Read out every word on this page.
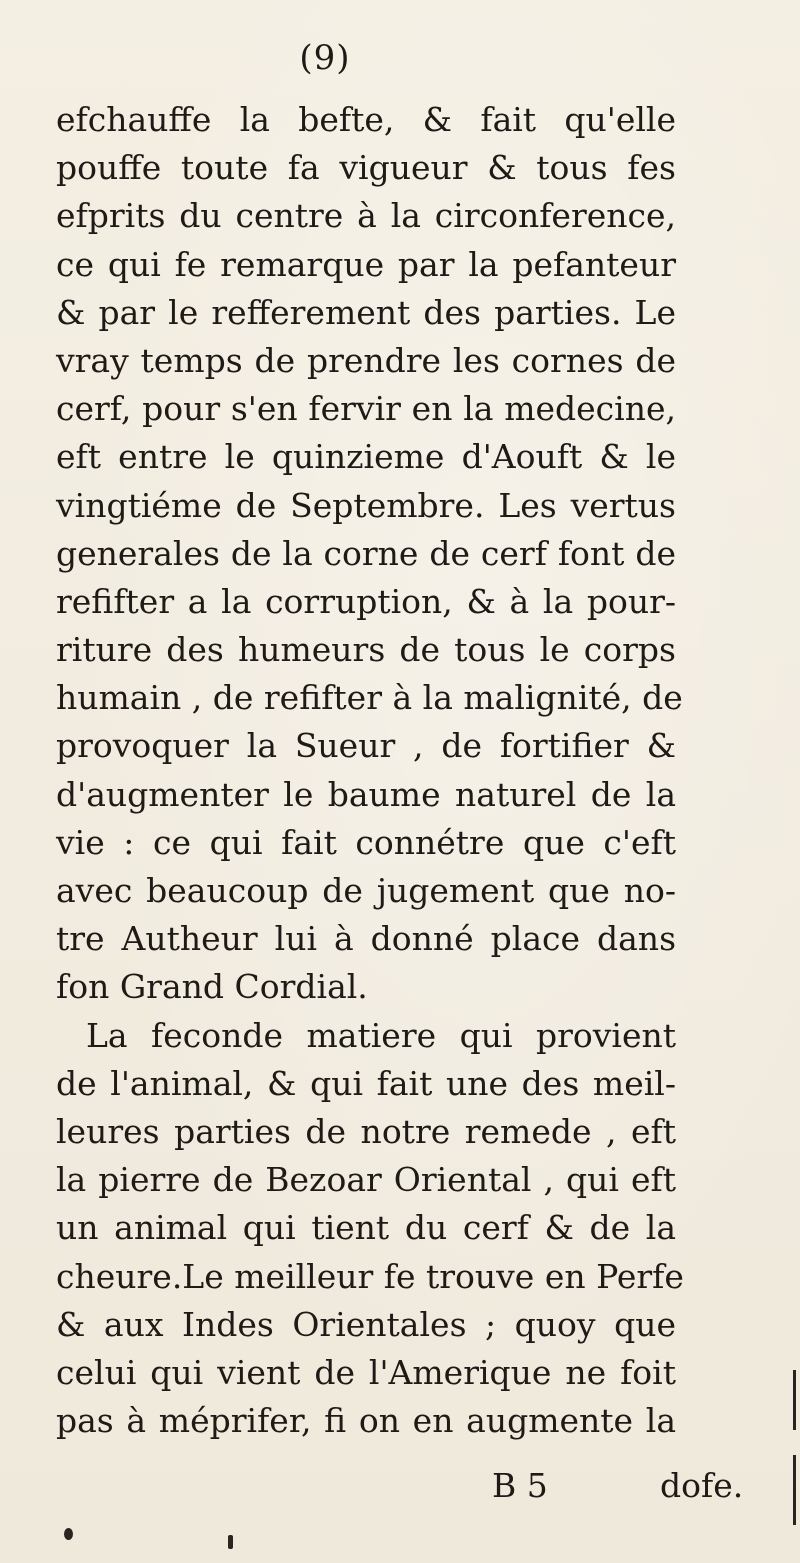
(9)
efchauffe la befte, & fait qu'elle
pouffe toute fa vigueur & tous fes
efprits du centre à la circonference,
ce qui fe remarque par la pefanteur
& par le refferement des parties. Le
vray temps de prendre les cornes de
cerf, pour s'en fervir en la medecine,
eft entre le quinzieme d'Aouft & le
vingtiéme de Septembre. Les vertus
generales de la corne de cerf font de
refifter a la corruption, & à la pour-
riture des humeurs de tous le corps
humain , de refifter à la malignité, de
provoquer la Sueur , de fortifier &
d'augmenter le baume naturel de la
vie : ce qui fait connétre que c'eft
avec beaucoup de jugement que no-
tre Autheur lui à donné place dans
fon Grand Cordial.
La feconde matiere qui provient
de l'animal, & qui fait une des meil-
leures parties de notre remede , eft
la pierre de Bezoar Oriental , qui eft
un animal qui tient du cerf & de la
cheure.Le meilleur fe trouve en Perfe
& aux Indes Orientales ; quoy que
celui qui vient de l'Amerique ne foit
pas à méprifer, fi on en augmente la
B 5	dofe.
